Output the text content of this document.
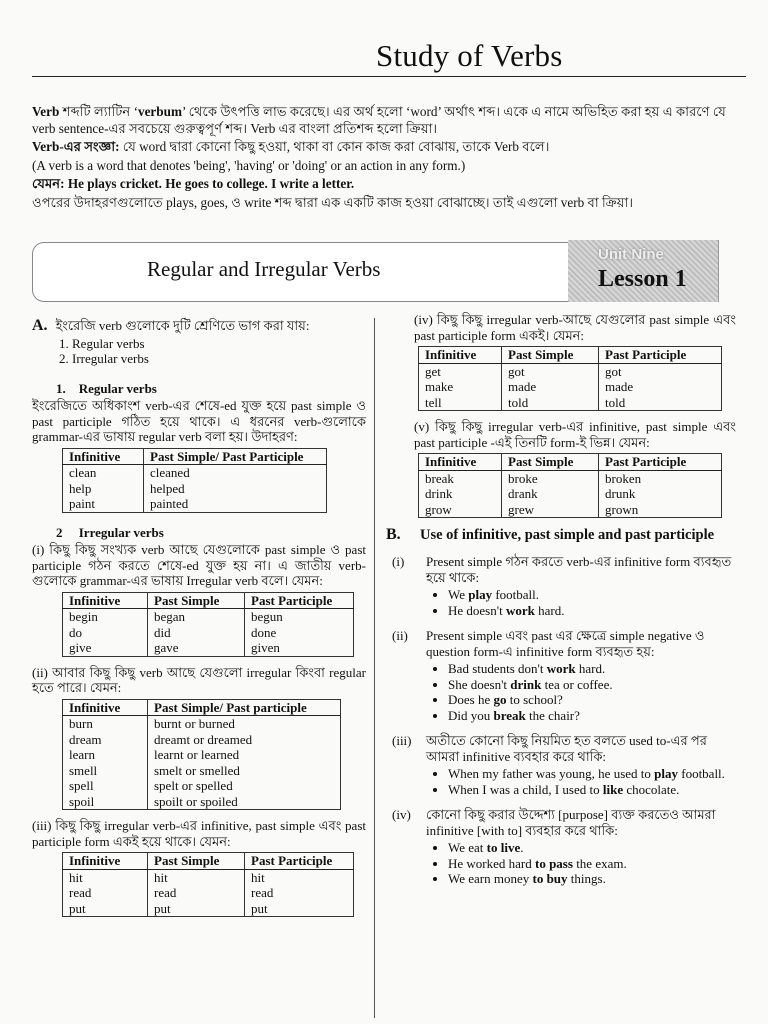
Study of Verbs

Verb শব্দটি ল্যাটিন ‘verbum’ থেকে উৎপত্তি লাভ করেছে। এর অর্থ হলো ‘word’ অর্থাৎ শব্দ। একে এ নামে অভিহিত করা হয় এ কারণে যে verb sentence-এর সবচেয়ে গুরুত্বপূর্ণ শব্দ। Verb এর বাংলা প্রতিশব্দ হলো ক্রিয়া।

Verb-এর সংজ্ঞা: যে word দ্বারা কোনো কিছু হওয়া, থাকা বা কোন কাজ করা বোঝায়, তাকে Verb বলে।

(A verb is a word that denotes 'being', 'having' or 'doing' or an action in any form.)

যেমন: He plays cricket. He goes to college. I write a letter.

ওপরের উদাহরণগুলোতে plays, goes, ও write শব্দ দ্বারা এক একটি কাজ হওয়া বোঝাচ্ছে। তাই এগুলো verb বা ক্রিয়া।

Regular and Irregular Verbs
Unit Nine
Lesson 1
A. ইংরেজি verb গুলোকে দুটি শ্রেণিতে ভাগ করা যায়:
1. Regular verbs
2. Irregular verbs
1.    Regular verbs

ইংরেজিতে অধিকাংশ verb-এর শেষে-ed যুক্ত হয়ে past simple ও past participle গঠিত হয়ে থাকে। এ ধরনের verb-গুলোকে grammar-এর ভাষায় regular verb বলা হয়। উদাহরণ:

Infinitive	Past Simple/ Past Participle
clean	cleaned
help	helped
paint	painted
2     Irregular verbs

(i) কিছু কিছু সংখ্যক verb আছে যেগুলোকে past simple ও past participle গঠন করতে শেষে-ed যুক্ত হয় না। এ জাতীয় verb-গুলোকে grammar-এর ভাষায় Irregular verb বলে। যেমন:

Infinitive	Past Simple	Past Participle
begin	began	begun
do	did	done
give	gave	given

(ii) আবার কিছু কিছু verb আছে যেগুলো irregular কিংবা regular হতে পারে। যেমন:

Infinitive	Past Simple/ Past participle
burn	burnt or burned
dream	dreamt or dreamed
learn	learnt or learned
smell	smelt or smelled
spell	spelt or spelled
spoil	spoilt or spoiled

(iii) কিছু কিছু irregular verb-এর infinitive, past simple এবং past participle form একই হয়ে থাকে। যেমন:

Infinitive	Past Simple	Past Participle
hit	hit	hit
read	read	read
put	put	put

(iv) কিছু কিছু irregular verb-আছে যেগুলোর past simple এবং past participle form একই। যেমন:

Infinitive	Past Simple	Past Participle
get	got	got
make	made	made
tell	told	told

(v) কিছু কিছু irregular verb-এর infinitive, past simple এবং past participle -এই তিনটি form-ই ভিন্ন। যেমন:

Infinitive	Past Simple	Past Participle
break	broke	broken
drink	drank	drunk
grow	grew	grown
B.	Use of infinitive, past simple and past participle
(i)	Present simple গঠন করতে verb-এর infinitive form ব্যবহৃত হয়ে থাকে:
• We play football.
• He doesn't work hard.
(ii)	Present simple এবং past এর ক্ষেত্রে simple negative ও question form-এ infinitive form ব্যবহৃত হয়:
• Bad students don't work hard.
• She doesn't drink tea or coffee.
• Does he go to school?
• Did you break the chair?
(iii)	অতীতে কোনো কিছু নিয়মিত হত বলতে used to-এর পর আমরা infinitive ব্যবহার করে থাকি:
• When my father was young, he used to play football.
• When I was a child, I used to like chocolate.
(iv)	কোনো কিছু করার উদ্দেশ্য [purpose] ব্যক্ত করতেও আমরা infinitive [with to] ব্যবহার করে থাকি:
• We eat to live.
• He worked hard to pass the exam.
• We earn money to buy things.
